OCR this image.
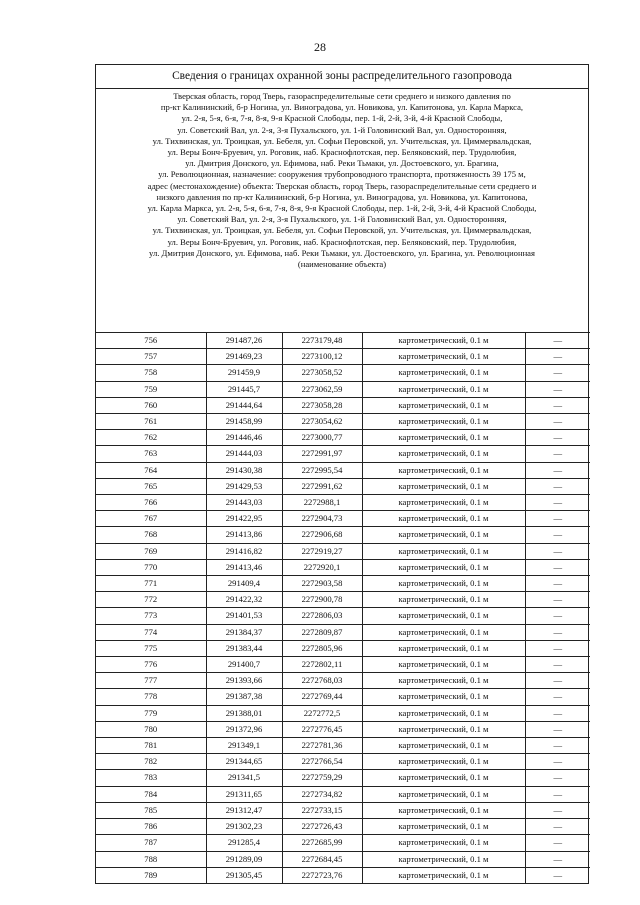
28
Сведения о границах охранной зоны распределительного газопровода
Тверская область, город Тверь, газораспределительные сети среднего и низкого давления по
пр-кт Калининский, б-р Ногина, ул. Виноградова, ул. Новикова, ул. Капитонова, ул. Карла Маркса,
ул. 2-я, 5-я, 6-я, 7-я, 8-я, 9-я Красной Слободы, пер. 1-й, 2-й, 3-й, 4-й Красной Слободы,
ул. Советский Вал, ул. 2-я, 3-я Пухальского, ул. 1-й Головинский Вал, ул. Односторонняя,
ул. Тихвинская, ул. Троицкая, ул. Бебеля, ул. Софьи Перовской, ул. Учительская, ул. Циммервальдская,
ул. Веры Бонч-Бруевич, ул. Роговик, наб. Краснофлотская, пер. Беляковский, пер. Трудолюбия,
ул. Дмитрия Донского, ул. Ефимова, наб. Реки Тьмаки, ул. Достоевского, ул. Брагина,
ул. Революционная, назначение: сооружения трубопроводного транспорта, протяженность 39 175 м,
адрес (местонахождение) объекта: Тверская область, город Тверь, газораспределительные сети среднего и
низкого давления по пр-кт Калининский, б-р Ногина, ул. Виноградова, ул. Новикова, ул. Капитонова,
ул. Карла Маркса, ул. 2-я, 5-я, 6-я, 7-я, 8-я, 9-я Красной Слободы, пер. 1-й, 2-й, 3-й, 4-й Красной Слободы,
ул. Советский Вал, ул. 2-я, 3-я Пухальского, ул. 1-й Головинский Вал, ул. Односторонняя,
ул. Тихвинская, ул. Троицкая, ул. Бебеля, ул. Софьи Перовской, ул. Учительская, ул. Циммервальдская,
ул. Веры Бонч-Бруевич, ул. Роговик, наб. Краснофлотская, пер. Беляковский, пер. Трудолюбия,
ул. Дмитрия Донского, ул. Ефимова, наб. Реки Тьмаки, ул. Достоевского, ул. Брагина, ул. Революционная
(наименование объекта)
756	291487,26	2273179,48	картометрический, 0.1 м	—
757	291469,23	2273100,12	картометрический, 0.1 м	—
758	291459,9	2273058,52	картометрический, 0.1 м	—
759	291445,7	2273062,59	картометрический, 0.1 м	—
760	291444,64	2273058,28	картометрический, 0.1 м	—
761	291458,99	2273054,62	картометрический, 0.1 м	—
762	291446,46	2273000,77	картометрический, 0.1 м	—
763	291444,03	2272991,97	картометрический, 0.1 м	—
764	291430,38	2272995,54	картометрический, 0.1 м	—
765	291429,53	2272991,62	картометрический, 0.1 м	—
766	291443,03	2272988,1	картометрический, 0.1 м	—
767	291422,95	2272904,73	картометрический, 0.1 м	—
768	291413,86	2272906,68	картометрический, 0.1 м	—
769	291416,82	2272919,27	картометрический, 0.1 м	—
770	291413,46	2272920,1	картометрический, 0.1 м	—
771	291409,4	2272903,58	картометрический, 0.1 м	—
772	291422,32	2272900,78	картометрический, 0.1 м	—
773	291401,53	2272806,03	картометрический, 0.1 м	—
774	291384,37	2272809,87	картометрический, 0.1 м	—
775	291383,44	2272805,96	картометрический, 0.1 м	—
776	291400,7	2272802,11	картометрический, 0.1 м	—
777	291393,66	2272768,03	картометрический, 0.1 м	—
778	291387,38	2272769,44	картометрический, 0.1 м	—
779	291388,01	2272772,5	картометрический, 0.1 м	—
780	291372,96	2272776,45	картометрический, 0.1 м	—
781	291349,1	2272781,36	картометрический, 0.1 м	—
782	291344,65	2272766,54	картометрический, 0.1 м	—
783	291341,5	2272759,29	картометрический, 0.1 м	—
784	291311,65	2272734,82	картометрический, 0.1 м	—
785	291312,47	2272733,15	картометрический, 0.1 м	—
786	291302,23	2272726,43	картометрический, 0.1 м	—
787	291285,4	2272685,99	картометрический, 0.1 м	—
788	291289,09	2272684,45	картометрический, 0.1 м	—
789	291305,45	2272723,76	картометрический, 0.1 м	—
